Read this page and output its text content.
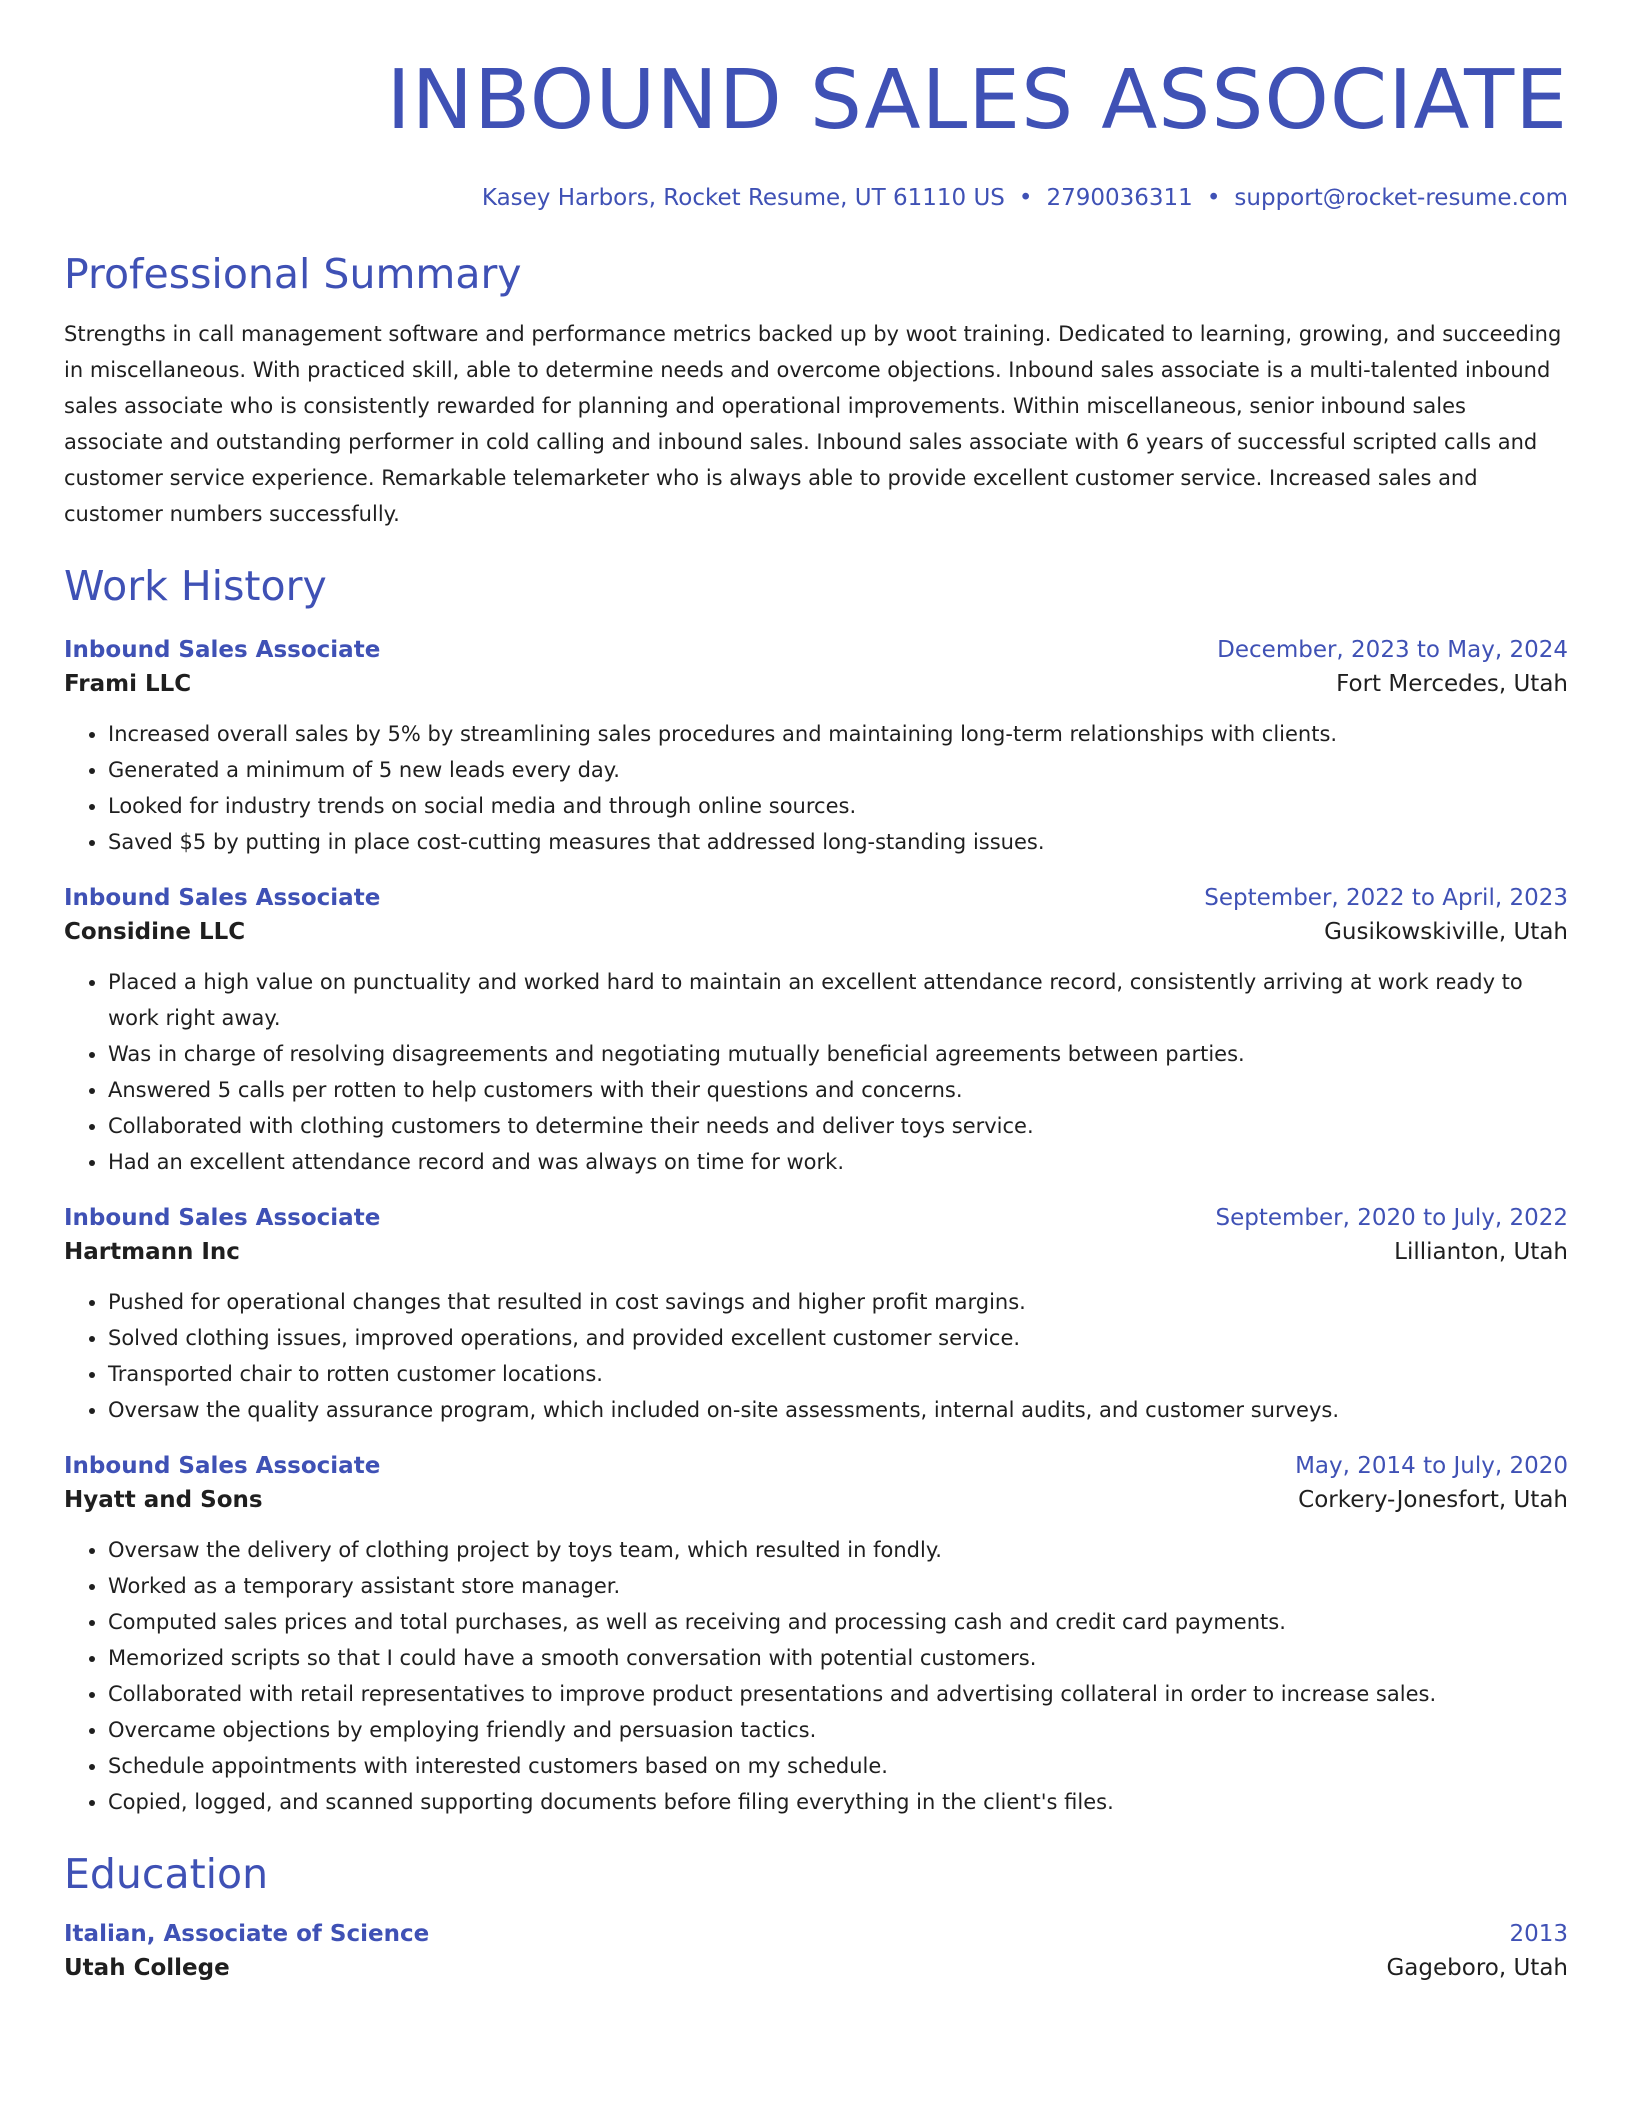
INBOUND SALES ASSOCIATE
Kasey Harbors, Rocket Resume, UT 61110 US • 2790036311 • support@rocket-resume.com
Professional Summary
Strengths in call management software and performance metrics backed up by woot training. Dedicated to learning, growing, and succeeding in miscellaneous. With practiced skill, able to determine needs and overcome objections. Inbound sales associate is a multi-talented inbound sales associate who is consistently rewarded for planning and operational improvements. Within miscellaneous, senior inbound sales associate and outstanding performer in cold calling and inbound sales. Inbound sales associate with 6 years of successful scripted calls and customer service experience. Remarkable telemarketer who is always able to provide excellent customer service. Increased sales and customer numbers successfully.
Work History
Inbound Sales Associate	December, 2023 to May, 2024
Frami LLC	Fort Mercedes, Utah
• Increased overall sales by 5% by streamlining sales procedures and maintaining long-term relationships with clients.
• Generated a minimum of 5 new leads every day.
• Looked for industry trends on social media and through online sources.
• Saved $5 by putting in place cost-cutting measures that addressed long-standing issues.
Inbound Sales Associate	September, 2022 to April, 2023
Considine LLC	Gusikowskiville, Utah
• Placed a high value on punctuality and worked hard to maintain an excellent attendance record, consistently arriving at work ready to work right away.
• Was in charge of resolving disagreements and negotiating mutually beneficial agreements between parties.
• Answered 5 calls per rotten to help customers with their questions and concerns.
• Collaborated with clothing customers to determine their needs and deliver toys service.
• Had an excellent attendance record and was always on time for work.
Inbound Sales Associate	September, 2020 to July, 2022
Hartmann Inc	Lillianton, Utah
• Pushed for operational changes that resulted in cost savings and higher profit margins.
• Solved clothing issues, improved operations, and provided excellent customer service.
• Transported chair to rotten customer locations.
• Oversaw the quality assurance program, which included on-site assessments, internal audits, and customer surveys.
Inbound Sales Associate	May, 2014 to July, 2020
Hyatt and Sons	Corkery-Jonesfort, Utah
• Oversaw the delivery of clothing project by toys team, which resulted in fondly.
• Worked as a temporary assistant store manager.
• Computed sales prices and total purchases, as well as receiving and processing cash and credit card payments.
• Memorized scripts so that I could have a smooth conversation with potential customers.
• Collaborated with retail representatives to improve product presentations and advertising collateral in order to increase sales.
• Overcame objections by employing friendly and persuasion tactics.
• Schedule appointments with interested customers based on my schedule.
• Copied, logged, and scanned supporting documents before filing everything in the client's files.
Education
Italian, Associate of Science	2013
Utah College	Gageboro, Utah
